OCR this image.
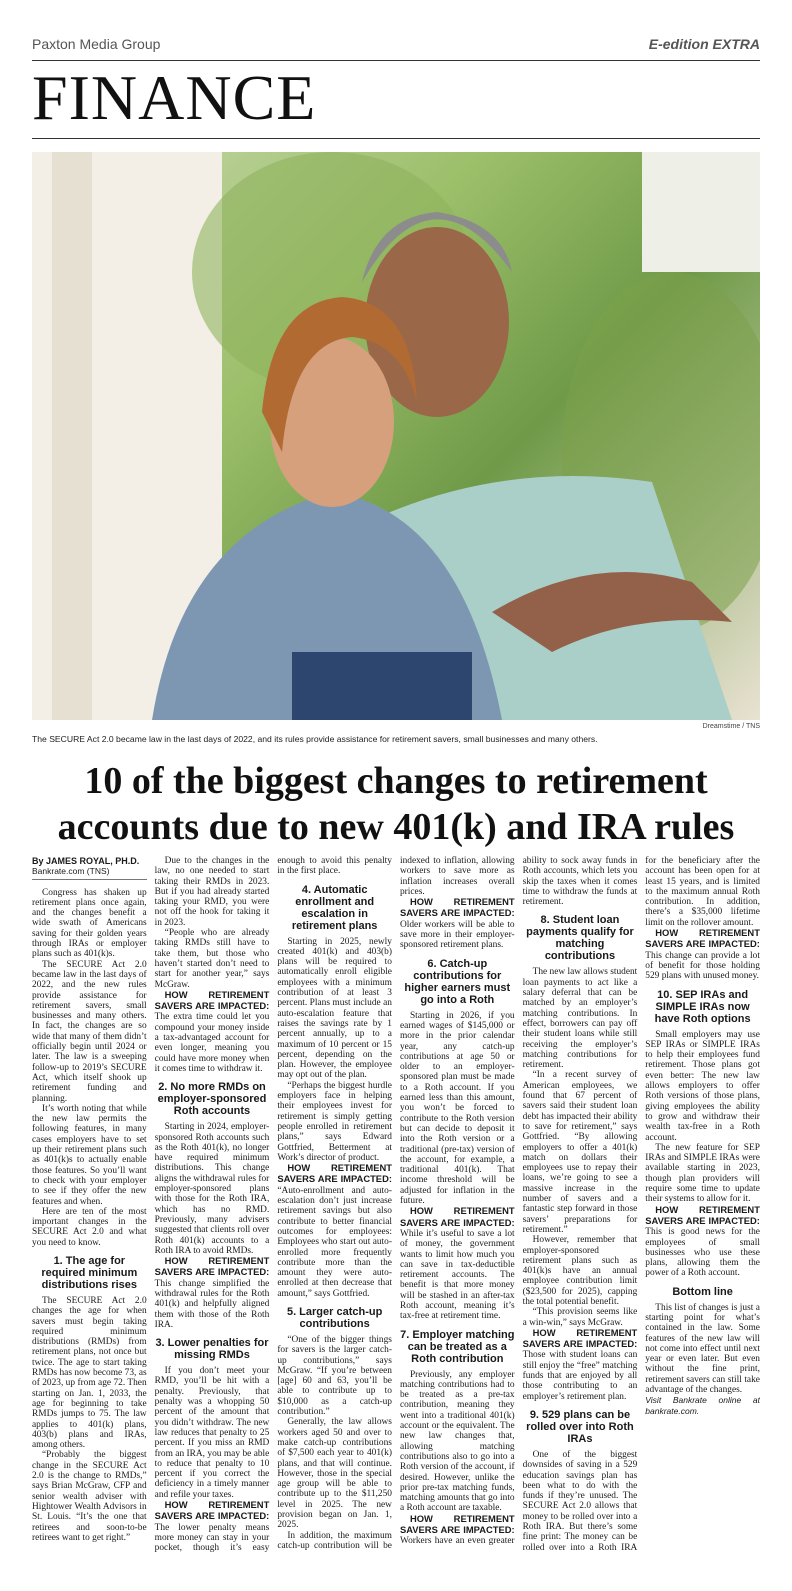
Paxton Media Group	E-edition EXTRA
FINANCE
Dreamstime / TNS
The SECURE Act 2.0 became law in the last days of 2022, and its rules provide assistance for retirement savers, small businesses and many others.
10 of the biggest changes to retirement accounts due to new 401(k) and IRA rules

By JAMES ROYAL, PH.D.

Bankrate.com (TNS)

Congress has shaken up retirement plans once again, and the changes benefit a wide swath of Americans saving for their golden years through IRAs or employer plans such as 401(k)s.

The SECURE Act 2.0 became law in the last days of 2022, and the new rules provide assistance for retirement savers, small businesses and many others. In fact, the changes are so wide that many of them didn’t officially begin until 2024 or later. The law is a sweeping follow-up to 2019’s SECURE Act, which itself shook up retirement funding and planning.

It’s worth noting that while the new law permits the following features, in many cases employers have to set up their retirement plans such as 401(k)s to actually enable those features. So you’ll want to check with your employer to see if they offer the new features and when.

Here are ten of the most important changes in the SECURE Act 2.0 and what you need to know.

1. The age for required minimum distributions rises

The SECURE Act 2.0 changes the age for when savers must begin taking required minimum distributions (RMDs) from retirement plans, not once but twice. The age to start taking RMDs has now become 73, as of 2023, up from age 72. Then starting on Jan. 1, 2033, the age for beginning to take RMDs jumps to 75. The law applies to 401(k) plans, 403(b) plans and IRAs, among others.

“Probably the biggest change in the SECURE Act 2.0 is the change to RMDs,” says Brian McGraw, CFP and senior wealth adviser with Hightower Wealth Advisors in St. Louis. “It’s the one that retirees and soon-to-be retirees want to get right.”

Due to the changes in the law, no one needed to start taking their RMDs in 2023. But if you had already started taking your RMD, you were not off the hook for taking it in 2023.

“People who are already taking RMDs still have to take them, but those who haven’t started don’t need to start for another year,” says McGraw.

HOW RETIREMENT SAVERS ARE IMPACTED: The extra time could let you compound your money inside a tax-advantaged account for even longer, meaning you could have more money when it comes time to withdraw it.

2. No more RMDs on employer-sponsored Roth accounts

Starting in 2024, employer-sponsored Roth accounts such as the Roth 401(k), no longer have required minimum distributions. This change aligns the withdrawal rules for employer-sponsored plans with those for the Roth IRA, which has no RMD. Previously, many advisers suggested that clients roll over Roth 401(k) accounts to a Roth IRA to avoid RMDs.

HOW RETIREMENT SAVERS ARE IMPACTED: This change simplified the withdrawal rules for the Roth 401(k) and helpfully aligned them with those of the Roth IRA.

3. Lower penalties for missing RMDs

If you don’t meet your RMD, you’ll be hit with a penalty. Previously, that penalty was a whopping 50 percent of the amount that you didn’t withdraw. The new law reduces that penalty to 25 percent. If you miss an RMD from an IRA, you may be able to reduce that penalty to 10 percent if you correct the deficiency in a timely manner and refile your taxes.

HOW RETIREMENT SAVERS ARE IMPACTED: The lower penalty means more money can stay in your pocket, though it’s easy enough to avoid this penalty in the first place.

4. Automatic enrollment and escalation in retirement plans

Starting in 2025, newly created 401(k) and 403(b) plans will be required to automatically enroll eligible employees with a minimum contribution of at least 3 percent. Plans must include an auto-escalation feature that raises the savings rate by 1 percent annually, up to a maximum of 10 percent or 15 percent, depending on the plan. However, the employee may opt out of the plan.

“Perhaps the biggest hurdle employers face in helping their employees invest for retirement is simply getting people enrolled in retirement plans,” says Edward Gottfried, Betterment at Work’s director of product.

HOW RETIREMENT SAVERS ARE IMPACTED: “Auto-enrollment and auto-escalation don’t just increase retirement savings but also contribute to better financial outcomes for employees: Employees who start out auto-enrolled more frequently contribute more than the amount they were auto-enrolled at then decrease that amount,” says Gottfried.

5. Larger catch-up contributions

“One of the bigger things for savers is the larger catch-up contributions,” says McGraw. “If you’re between [age] 60 and 63, you’ll be able to contribute up to $10,000 as a catch-up contribution.”

Generally, the law allows workers aged 50 and over to make catch-up contributions of $7,500 each year to 401(k) plans, and that will continue. However, those in the special age group will be able to contribute up to the $11,250 level in 2025. The new provision began on Jan. 1, 2025.

In addition, the maximum catch-up contribution will be indexed to inflation, allowing workers to save more as inflation increases overall prices.

HOW RETIREMENT SAVERS ARE IMPACTED: Older workers will be able to save more in their employer-sponsored retirement plans.

6. Catch-up contributions for higher earners must go into a Roth

Starting in 2026, if you earned wages of $145,000 or more in the prior calendar year, any catch-up contributions at age 50 or older to an employer-sponsored plan must be made to a Roth account. If you earned less than this amount, you won’t be forced to contribute to the Roth version but can decide to deposit it into the Roth version or a traditional (pre-tax) version of the account, for example, a traditional 401(k). That income threshold will be adjusted for inflation in the future.

HOW RETIREMENT SAVERS ARE IMPACTED: While it’s useful to save a lot of money, the government wants to limit how much you can save in tax-deductible retirement accounts. The benefit is that more money will be stashed in an after-tax Roth account, meaning it’s tax-free at retirement time.

7. Employer matching can be treated as a Roth contribution

Previously, any employer matching contributions had to be treated as a pre-tax contribution, meaning they went into a traditional 401(k) account or the equivalent. The new law changes that, allowing matching contributions also to go into a Roth version of the account, if desired. However, unlike the prior pre-tax matching funds, matching amounts that go into a Roth account are taxable.

HOW RETIREMENT SAVERS ARE IMPACTED: Workers have an even greater ability to sock away funds in Roth accounts, which lets you skip the taxes when it comes time to withdraw the funds at retirement.

8. Student loan payments qualify for matching contributions

The new law allows student loan payments to act like a salary deferral that can be matched by an employer’s matching contributions. In effect, borrowers can pay off their student loans while still receiving the employer’s matching contributions for retirement.

“In a recent survey of American employees, we found that 67 percent of savers said their student loan debt has impacted their ability to save for retirement,” says Gottfried. “By allowing employers to offer a 401(k) match on dollars their employees use to repay their loans, we’re going to see a massive increase in the number of savers and a fantastic step forward in those savers’ preparations for retirement.”

However, remember that employer-sponsored retirement plans such as 401(k)s have an annual employee contribution limit ($23,500 for 2025), capping the total potential benefit.

“This provision seems like a win-win,” says McGraw.

HOW RETIREMENT SAVERS ARE IMPACTED: Those with student loans can still enjoy the “free” matching funds that are enjoyed by all those contributing to an employer’s retirement plan.

9. 529 plans can be rolled over into Roth IRAs

One of the biggest downsides of saving in a 529 education savings plan has been what to do with the funds if they’re unused. The SECURE Act 2.0 allows that money to be rolled over into a Roth IRA. But there’s some fine print: The money can be rolled over into a Roth IRA for the beneficiary after the account has been open for at least 15 years, and is limited to the maximum annual Roth contribution. In addition, there’s a $35,000 lifetime limit on the rollover amount.

HOW RETIREMENT SAVERS ARE IMPACTED: This change can provide a lot of benefit for those holding 529 plans with unused money.

10. SEP IRAs and SIMPLE IRAs now have Roth options

Small employers may use SEP IRAs or SIMPLE IRAs to help their employees fund retirement. Those plans got even better: The new law allows employers to offer Roth versions of those plans, giving employees the ability to grow and withdraw their wealth tax-free in a Roth account.

The new feature for SEP IRAs and SIMPLE IRAs were available starting in 2023, though plan providers will require some time to update their systems to allow for it.

HOW RETIREMENT SAVERS ARE IMPACTED: This is good news for the employees of small businesses who use these plans, allowing them the power of a Roth account.

Bottom line

This list of changes is just a starting point for what’s contained in the law. Some features of the new law will not come into effect until next year or even later. But even without the fine print, retirement savers can still take advantage of the changes.

Visit Bankrate online at bankrate.com.
